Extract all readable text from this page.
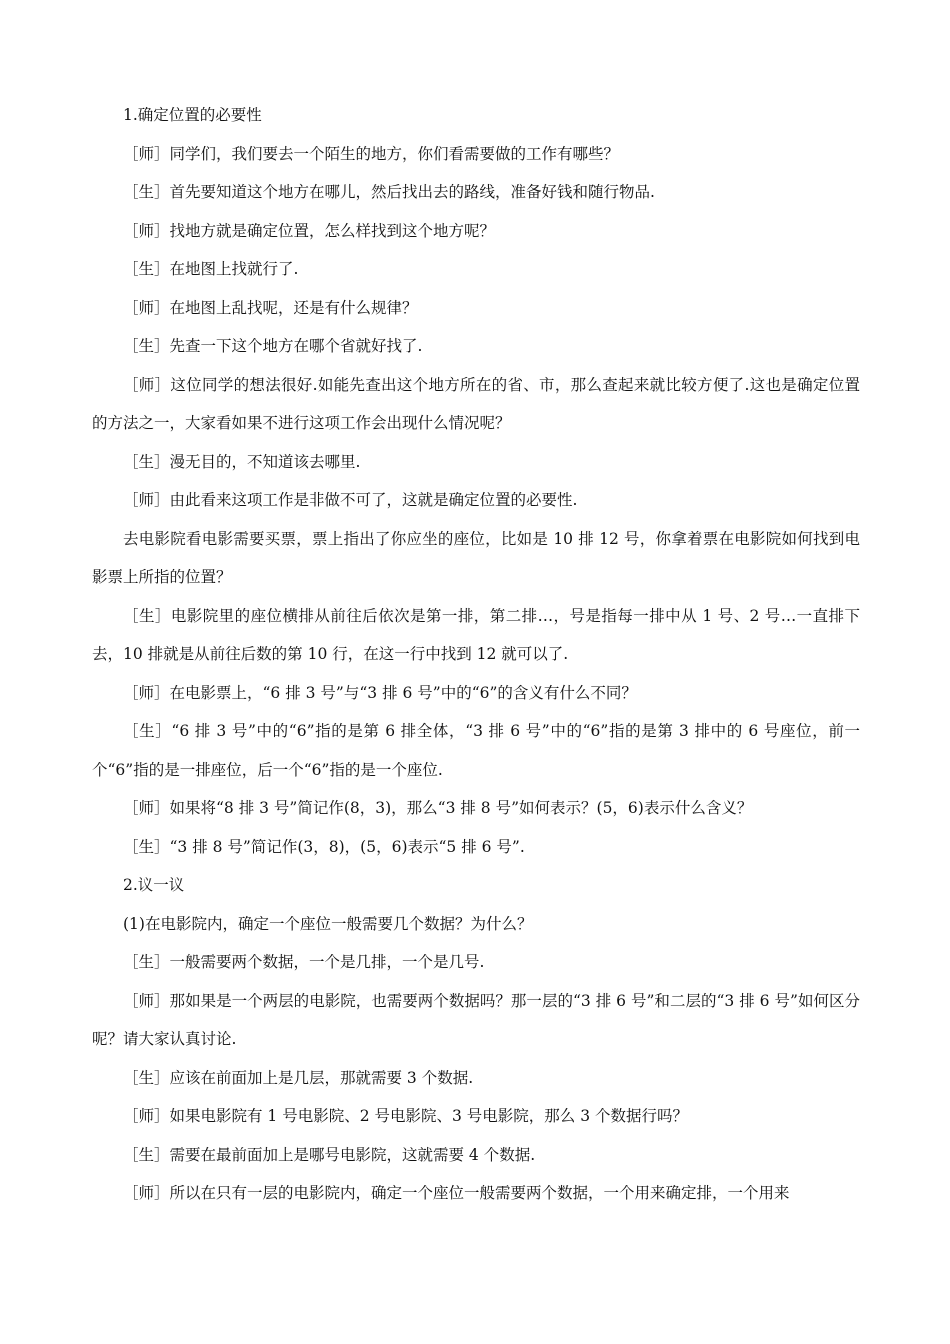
1.确定位置的必要性

［师］同学们，我们要去一个陌生的地方，你们看需要做的工作有哪些？

［生］首先要知道这个地方在哪儿，然后找出去的路线，准备好钱和随行物品.

［师］找地方就是确定位置，怎么样找到这个地方呢？

［生］在地图上找就行了.

［师］在地图上乱找呢，还是有什么规律？

［生］先查一下这个地方在哪个省就好找了.

［师］这位同学的想法很好.如能先查出这个地方所在的省、市，那么查起来就比较方便了.这也是确定位置的方法之一，大家看如果不进行这项工作会出现什么情况呢？

［生］漫无目的，不知道该去哪里.

［师］由此看来这项工作是非做不可了，这就是确定位置的必要性.

去电影院看电影需要买票，票上指出了你应坐的座位，比如是 10 排 12 号，你拿着票在电影院如何找到电影票上所指的位置？

［生］电影院里的座位横排从前往后依次是第一排，第二排…，号是指每一排中从 1 号、2 号…一直排下去，10 排就是从前往后数的第 10 行，在这一行中找到 12 就可以了.

［师］在电影票上，“6 排 3 号”与“3 排 6 号”中的“6”的含义有什么不同？

［生］“6 排 3 号”中的“6”指的是第 6 排全体，“3 排 6 号”中的“6”指的是第 3 排中的 6 号座位，前一个“6”指的是一排座位，后一个“6”指的是一个座位.

［师］如果将“8 排 3 号”简记作(8，3)，那么“3 排 8 号”如何表示？(5，6)表示什么含义？

［生］“3 排 8 号”简记作(3，8)，(5，6)表示“5 排 6 号”.

2.议一议

(1)在电影院内，确定一个座位一般需要几个数据？为什么？

［生］一般需要两个数据，一个是几排，一个是几号.

［师］那如果是一个两层的电影院，也需要两个数据吗？那一层的“3 排 6 号”和二层的“3 排 6 号”如何区分呢？请大家认真讨论.

［生］应该在前面加上是几层，那就需要 3 个数据.

［师］如果电影院有 1 号电影院、2 号电影院、3 号电影院，那么 3 个数据行吗？

［生］需要在最前面加上是哪号电影院，这就需要 4 个数据.

［师］所以在只有一层的电影院内，确定一个座位一般需要两个数据，一个用来确定排，一个用来
